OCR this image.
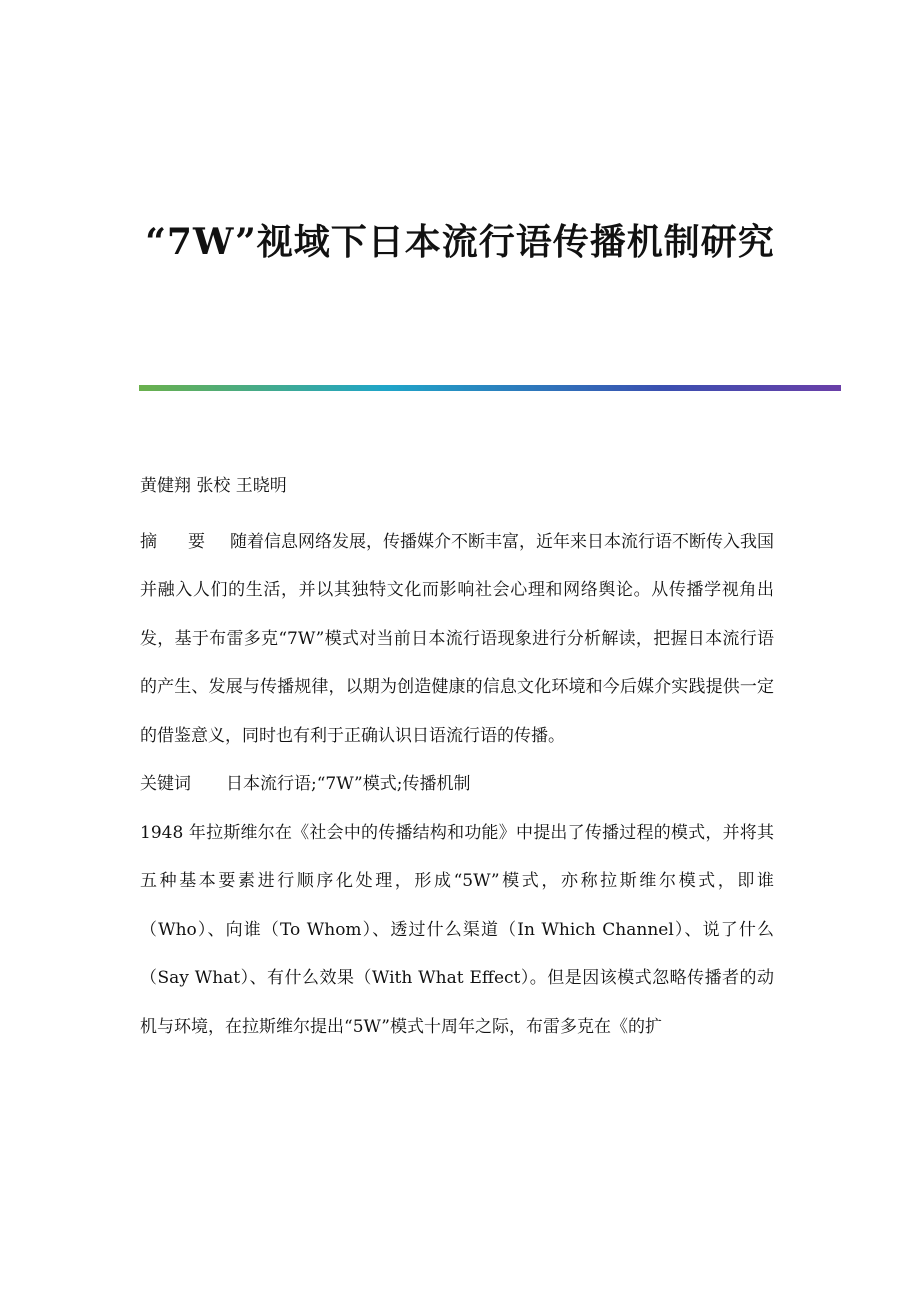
“7W”视域下日本流行语传播机制研究

黄健翔 张校 王晓明

摘 要 随着信息网络发展，传播媒介不断丰富，近年来日本流行语不断传入我国并融入人们的生活，并以其独特文化而影响社会心理和网络舆论。从传播学视角出发，基于布雷多克“7W”模式对当前日本流行语现象进行分析解读，把握日本流行语的产生、发展与传播规律，以期为创造健康的信息文化环境和今后媒介实践提供一定的借鉴意义，同时也有利于正确认识日语流行语的传播。

关键词 日本流行语;“7W”模式;传播机制

1948 年拉斯维尔在《社会中的传播结构和功能》中提出了传播过程的模式，并将其五种基本要素进行顺序化处理，形成“5W”模式，亦称拉斯维尔模式，即谁（Who）、向谁（To Whom）、透过什么渠道（In Which Channel）、说了什么（Say What）、有什么效果（With What Effect）。但是因该模式忽略传播者的动机与环境，在拉斯维尔提出“5W”模式十周年之际，布雷多克在《的扩
